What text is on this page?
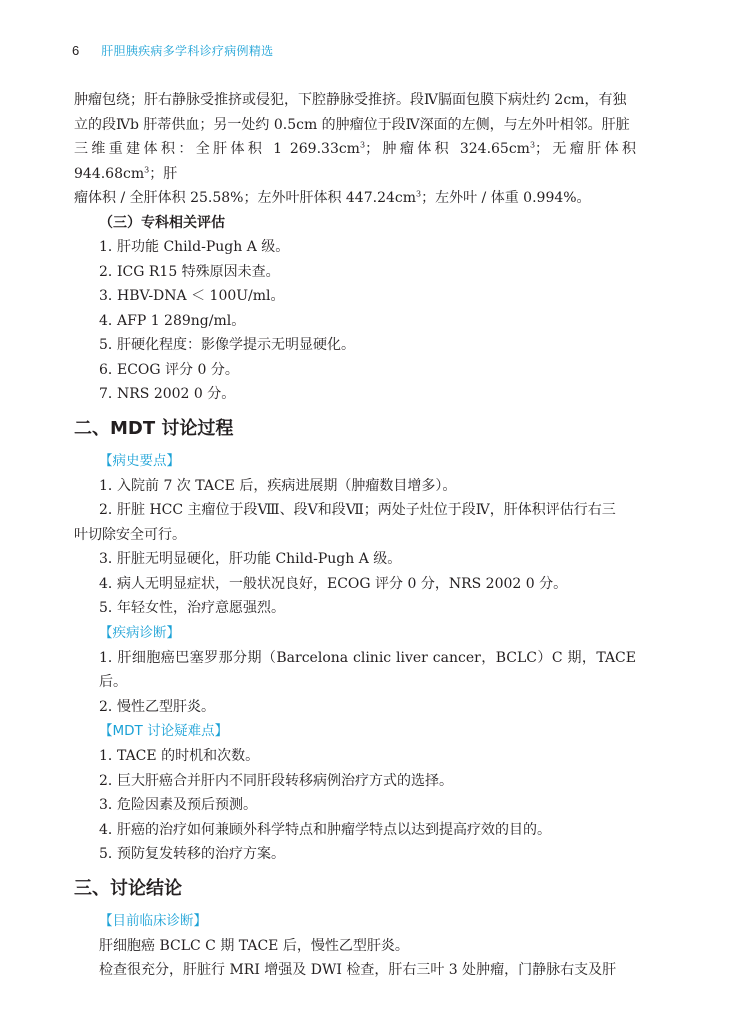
6 肝胆胰疾病多学科诊疗病例精选

肿瘤包绕；肝右静脉受推挤或侵犯，下腔静脉受推挤。段Ⅳ膈面包膜下病灶约 2cm，有独

立的段Ⅳb 肝蒂供血；另一处约 0.5cm 的肿瘤位于段Ⅳ深面的左侧，与左外叶相邻。肝脏

三维重建体积：全肝体积 1 $269.33cm^3$；肿瘤体积 $324.65cm^3$；无瘤肝体积 $944.68cm^3$；肝

瘤体积 / 全肝体积 25.58%；左外叶肝体积 $447.24cm^3$；左外叶 / 体重 0.994%。

（三）专科相关评估

1．肝功能 Child-Pugh A 级。

2．ICG R15 特殊原因未查。

3．HBV-DNA ＜ 100U/ml。

4．AFP 1 289ng/ml。

5．肝硬化程度：影像学提示无明显硬化。

6．ECOG 评分 0 分。

7．NRS 2002 0 分。

二、MDT 讨论过程

【病史要点】

1．入院前 7 次 TACE 后，疾病进展期（肿瘤数目增多）。

2．肝脏 HCC 主瘤位于段Ⅷ、段Ⅴ和段Ⅶ；两处子灶位于段Ⅳ，肝体积评估行右三

叶切除安全可行。

3．肝脏无明显硬化，肝功能 Child-Pugh A 级。

4．病人无明显症状，一般状况良好，ECOG 评分 0 分，NRS 2002 0 分。

5．年轻女性，治疗意愿强烈。

【疾病诊断】

1．肝细胞癌巴塞罗那分期（Barcelona clinic liver cancer，BCLC）C 期，TACE 后。

2．慢性乙型肝炎。

【MDT 讨论疑难点】

1．TACE 的时机和次数。

2．巨大肝癌合并肝内不同肝段转移病例治疗方式的选择。

3．危险因素及预后预测。

4．肝癌的治疗如何兼顾外科学特点和肿瘤学特点以达到提高疗效的目的。

5．预防复发转移的治疗方案。

三、讨论结论

【目前临床诊断】

肝细胞癌 BCLC C 期 TACE 后，慢性乙型肝炎。

检查很充分，肝脏行 MRI 增强及 DWI 检查，肝右三叶 3 处肿瘤，门静脉右支及肝
